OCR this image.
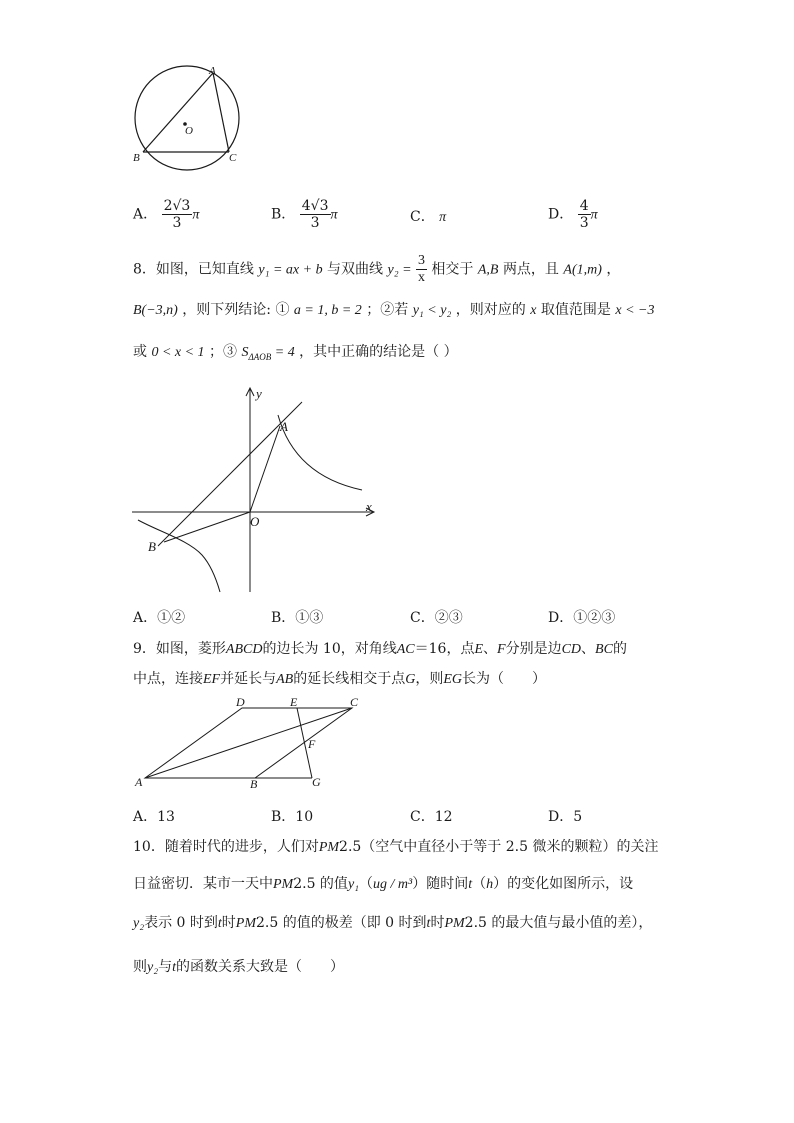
A
O
B	C
A． $\frac{2√3}{3}$ π	B． $\frac{4√3}{3}$ π	C． π	D． $\frac{4}{3}$ π
8．如图，已知直线 y₁ = ax + b 与双曲线 $y_2 = \frac{3}{x}$ 相交于 A,B 两点，且 A(1,m) ，
B(−3,n) ，则下列结论: ① a = 1, b = 2 ；②若 y₁ < y₂ ，则对应的 x 取值范围是 x < −3
或 0 < x < 1 ；③ $S_{\Delta AOB} = 4$ ，其中正确的结论是（ ）
y
x
A
O
B
A．①②	B．①③	C．②③	D．①②③
9．如图，菱形ABCD的边长为 10，对角线AC＝16，点E、F分别是边CD、BC的
中点，连接EF并延长与AB的延长线相交于点G，则EG长为（　　）
D	E	C
F
A	B	G
A．13	B．10	C．12	D．5
10．随着时代的进步，人们对PM2.5（空气中直径小于等于 2.5 微米的颗粒）的关注
日益密切．某市一天中PM2.5 的值y₁（ug / m³）随时间t（h）的变化如图所示，设
y₂表示 0 时到t时PM2.5 的值的极差（即 0 时到t时PM2.5 的最大值与最小值的差），
则y₂与t的函数关系大致是（　　）
